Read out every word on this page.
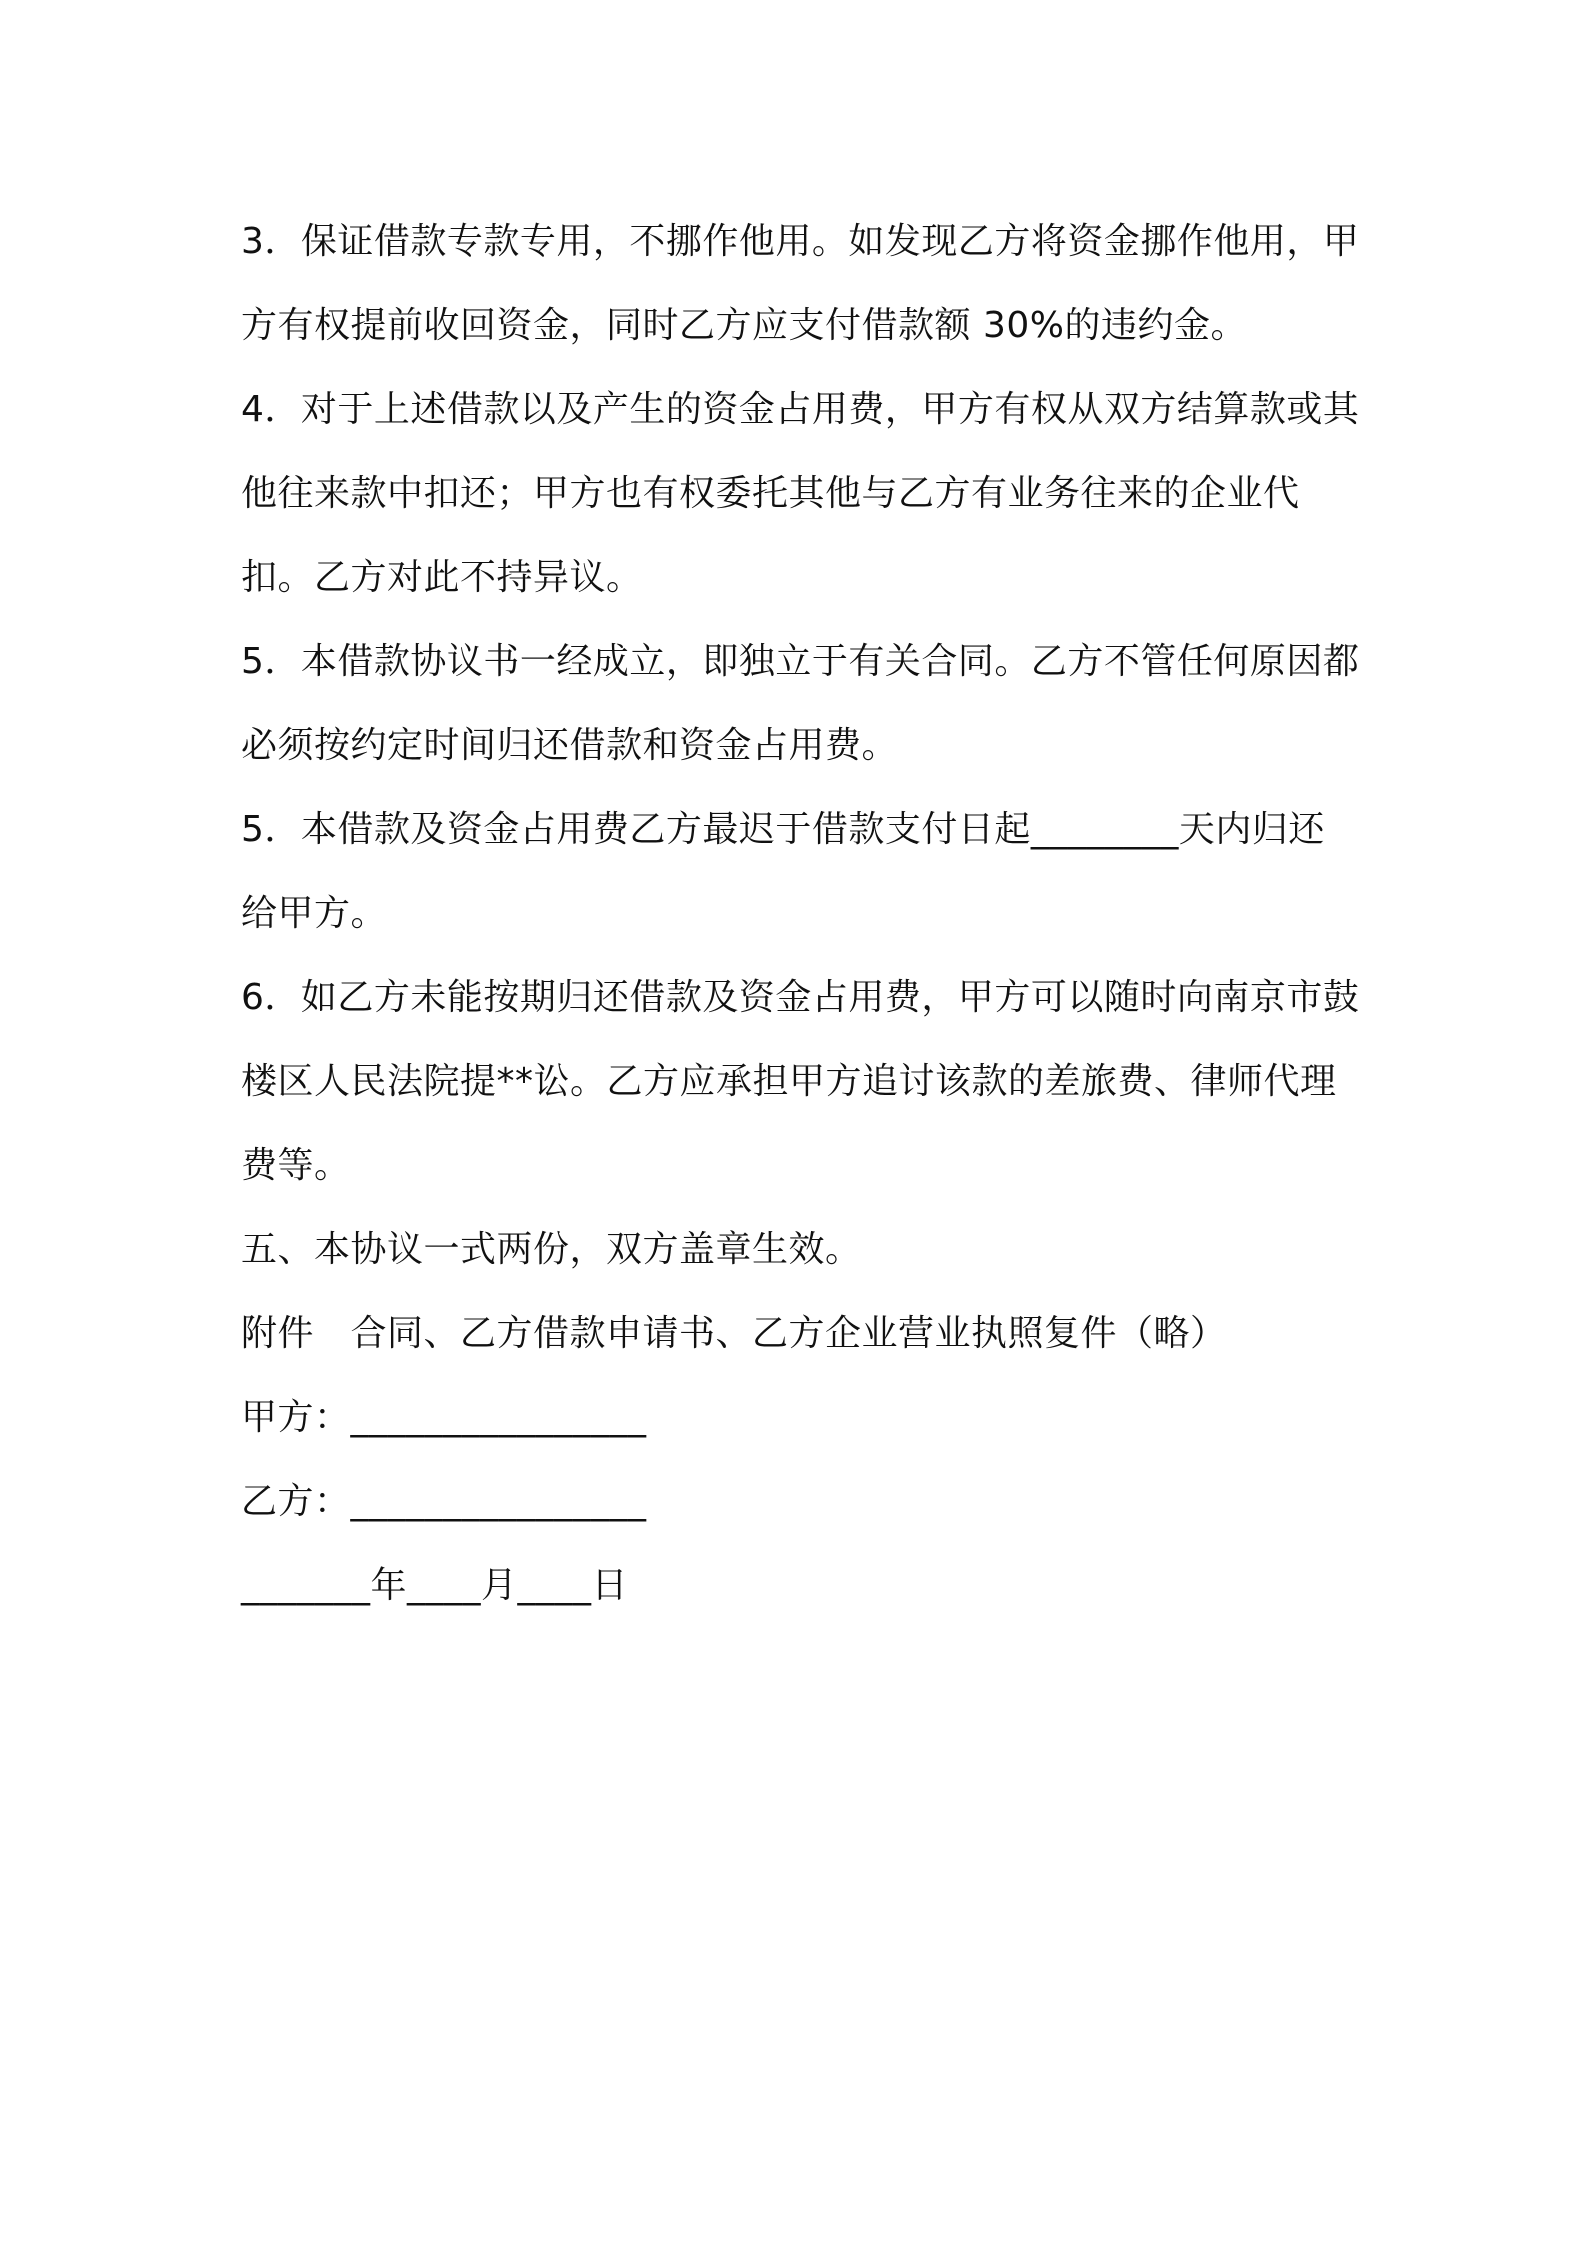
3．保证借款专款专用，不挪作他用。如发现乙方将资金挪作他用，甲方有权提前收回资金，同时乙方应支付借款额 30%的违约金。

4．对于上述借款以及产生的资金占用费，甲方有权从双方结算款或其他往来款中扣还；甲方也有权委托其他与乙方有业务往来的企业代扣。乙方对此不持异议。

5．本借款协议书一经成立，即独立于有关合同。乙方不管任何原因都必须按约定时间归还借款和资金占用费。

5．本借款及资金占用费乙方最迟于借款支付日起________天内归还给甲方。

6．如乙方未能按期归还借款及资金占用费，甲方可以随时向南京市鼓楼区人民法院提**讼。乙方应承担甲方追讨该款的差旅费、律师代理费等。

五、本协议一式两份，双方盖章生效。

附件　合同、乙方借款申请书、乙方企业营业执照复件（略）

甲方：________________

乙方：________________

_______年____月____日
